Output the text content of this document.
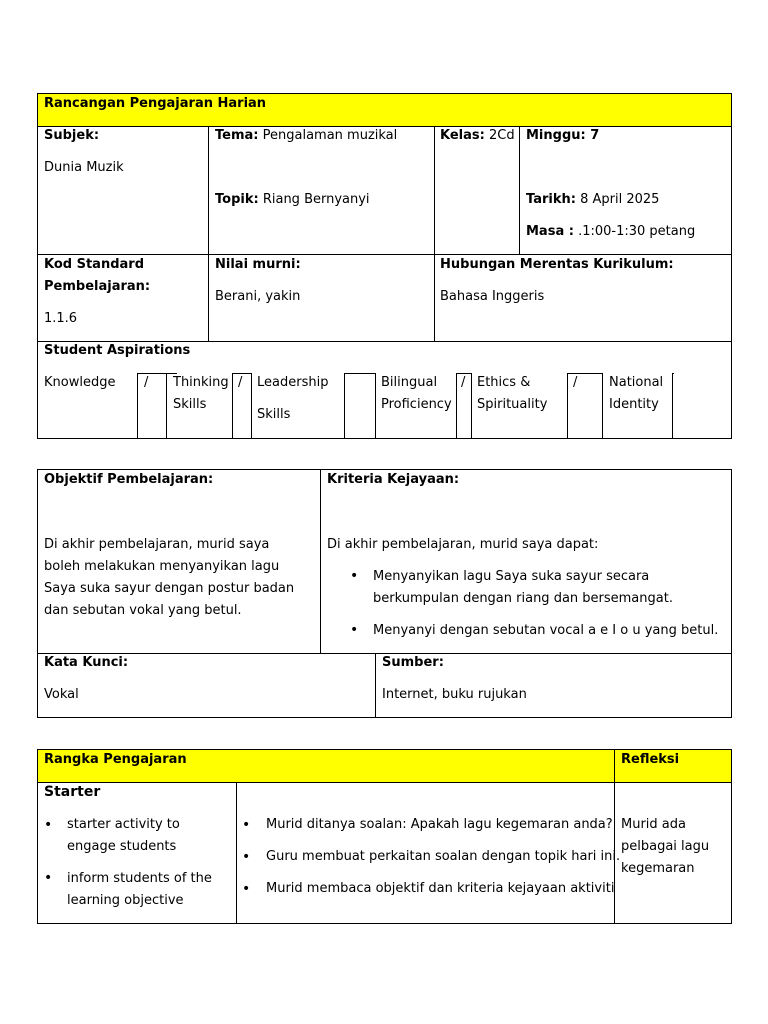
Rancangan Pengajaran Harian
Subjek:
Dunia Muzik
Tema: Pengalaman muzikal
Topik: Riang Bernyanyi
Kelas: 2Cd Minggu: 7
Tarikh: 8 April 2025
Masa : .1:00-1:30 petang
Kod Standard
Pembelajaran:
1.1.6
Nilai murni:
Berani, yakin
Hubungan Merentas Kurikulum:
Bahasa Inggeris
Student Aspirations
Knowledge / Thinking
Skills
/ Leadership
Skills
Bilingual
Proficiency
/ Ethics &
Spirituality
/ National
Identity
Objektif Pembelajaran:
Di akhir pembelajaran, murid saya boleh melakukan menyanyikan lagu Saya suka sayur dengan postur badan dan sebutan vokal yang betul.
Kriteria Kejayaan:
Di akhir pembelajaran, murid saya dapat:
• Menyanyikan lagu Saya suka sayur secara berkumpulan dengan riang dan bersemangat.
• Menyanyi dengan sebutan vocal a e I o u yang betul.
Kata Kunci:
Vokal
Sumber:
Internet, buku rujukan
Rangka Pengajaran	Refleksi
Starter
• starter activity to engage students
• inform students of the learning objective
• Murid ditanya soalan: Apakah lagu kegemaran anda?
• Guru membuat perkaitan soalan dengan topik hari ini.
• Murid membaca objektif dan kriteria kejayaan aktiviti
Murid ada pelbagai lagu kegemaran
